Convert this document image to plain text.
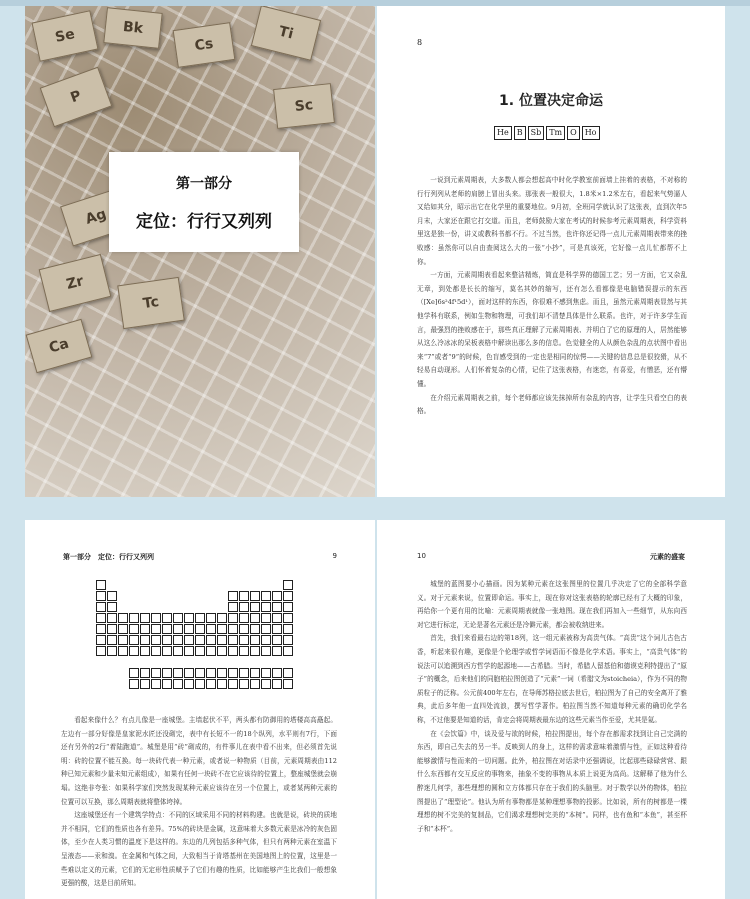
Se	Bk
Cs
Ti
P	Sc
Ag
Zr
Tc
Ca
第一部分
定位：行行又列列
8
1. 位置决定命运
He	B	Sb	Tm	O	Ho

一说到元素周期表，大多数人都会想起高中时化学教室前面墙上挂着的表格，不对称的行行列列从老师的肩膀上冒出头来。那张表一般很大，1.8米×1.2米左右，看起来气势逼人又给如其分，昭示出它在化学里的重要地位。9月初，全班同学就认识了这张表，直到次年5月末，大家还在跟它打交道。而且，老师鼓励大家在考试的时候参考元素周期表，科学资料里这是独一份，讲义或教科书都不行。不过当然，也许你还记得一点儿元素周期表带来的挫败感：虽然你可以自由查阅这么大的一张“小抄”，可是真该死，它好像一点儿忙都帮不上你。

一方面，元素周期表看起来整洁精炼，简直是科学界的德国工艺；另一方面，它又杂乱无章，到处都是长长的缩写，莫名其妙的缩写，还有怎么看都像是电脑错误提示的东西（[Xe]6s²4f¹5d¹），面对这样的东西，你很难不感到焦虑。而且，虽然元素周期表显然与其他学科有联系，例如生物和物理，可我们却不清楚具体是什么联系。也许，对于许多学生而言，最强烈的挫败感在于，那些真正理解了元素周期表、并明白了它的原理的人，居然能够从这么冷冰冰的呆板表格中解读出那么多的信息。色觉健全的人从颜色杂乱的点状图中看出来“7”或者“9”的时候，色盲感受到的一定也是相同的惊愕——关键的信息总是很狡猾，从不轻易自动现形。人们怀着复杂的心情，记住了这张表格，有迷恋，有喜爱，有憎恶，还有懵懂。

在介绍元素周期表之前，每个老师都应该先抹掉所有杂乱的内容，让学生只看空白的表格。

第一部分　定位：行行又列列	9

看起来像什么？有点儿像是一座城堡。主墙起伏不平，两头都有防御用的塔楼高高矗起。左边有一部分好像是皇家泥水匠还没砌完，表中有长短不一的18个纵列，水平则有7行，下面还有另外的2行“着陆跑道”。城堡是用“砖”砌成的，有件事儿在表中看不出来，但必须首先说明：砖的位置不能互换。每一块砖代表一种元素，或者说一种物质（目前，元素周期表由112种已知元素和少量未知元素组成），如果有任何一块砖不在它应该待的位置上，整座城堡就会崩塌。这绝非夸张：如果科学家们突然发现某种元素应该待在另一个位置上，或者某两种元素的位置可以互换，那么周期表就将整体垮掉。

这座城堡还有一个建筑学特点：不同的区域采用不同的材料构建。也就是说，砖块的质地并不相同，它们的性质也各有差异。75%的砖块是金属，这意味着大多数元素是冰冷的灰色固体，至少在人类习惯的温度下是这样的。东边的几列包括多种气体，但只有两种元素在室温下呈液态——汞和溴。在金属和气体之间，大致相当于肯塔基州在美国地图上的位置，这里是一些难以定义的元素，它们的无定形性质赋予了它们有趣的性质，比如能够产生比我们一般想象更强的酸，这是目前所知。

10	元素的盛宴

城堡的蓝图要小心描画。因为某种元素在这张图里的位置几乎决定了它的全部科学意义。对于元素来说，位置即命运。事实上，现在你对这张表格的轮廓已经有了大概的印象，再给你一个更有用的比喻：元素周期表就像一张地图。现在我们再加入一些细节，从东向西对它进行标定，无论是著名元素还是冷僻元素，都会被收纳进来。

首先，我们来看最右边的第18列，这一组元素被称为高贵气体。“高贵”这个词儿古色古香，听起来很有趣，更像是个伦理学或哲学词语而不像是化学术语。事实上，“高贵气体”的说法可以追溯到西方哲学的起源地——古希腊。当时，希腊人留基伯和德谟克利特提出了“原子”的概念，后来他们的同胞柏拉图创造了“元素”一词（希腊文为stoicheia），作为不同的物质粒子的泛称。公元前400年左右，在导师苏格拉底去世后，柏拉图为了自己的安全离开了雅典，此后多年他一直四处流浪，撰写哲学著作。柏拉图当然不知道每种元素的确切化学名称，不过他要是知道的话，肯定会将周期表最东边的这些元素当作至爱，尤其是氦。

在《会饮篇》中，谈及爱与欲的时候，柏拉图提出，每个存在都需求找到让自己完满的东西，即自己失去的另一半。反映到人的身上，这样的需求意味着激情与性，正如这种看待能够激情与性而来的一切问题。此外，柏拉图在对话录中还强调说，比起那些碌碌营营、跟什么东西都有交互反应的事物来，抽象不变的事物从本质上说更为高尚。这解释了他为什么醉迷几何学，那些理想的圆和立方体都只存在于我们的头脑里。对于数学以外的物体，柏拉图提出了“理型论”。他认为所有事物都是某种理想事物的投影。比如说，所有的树都是一棵理想的树不完美的复制品，它们渴求理想树完美的“本树”。同样，也有鱼和“本鱼”，甚至杯子和“本杯”。
